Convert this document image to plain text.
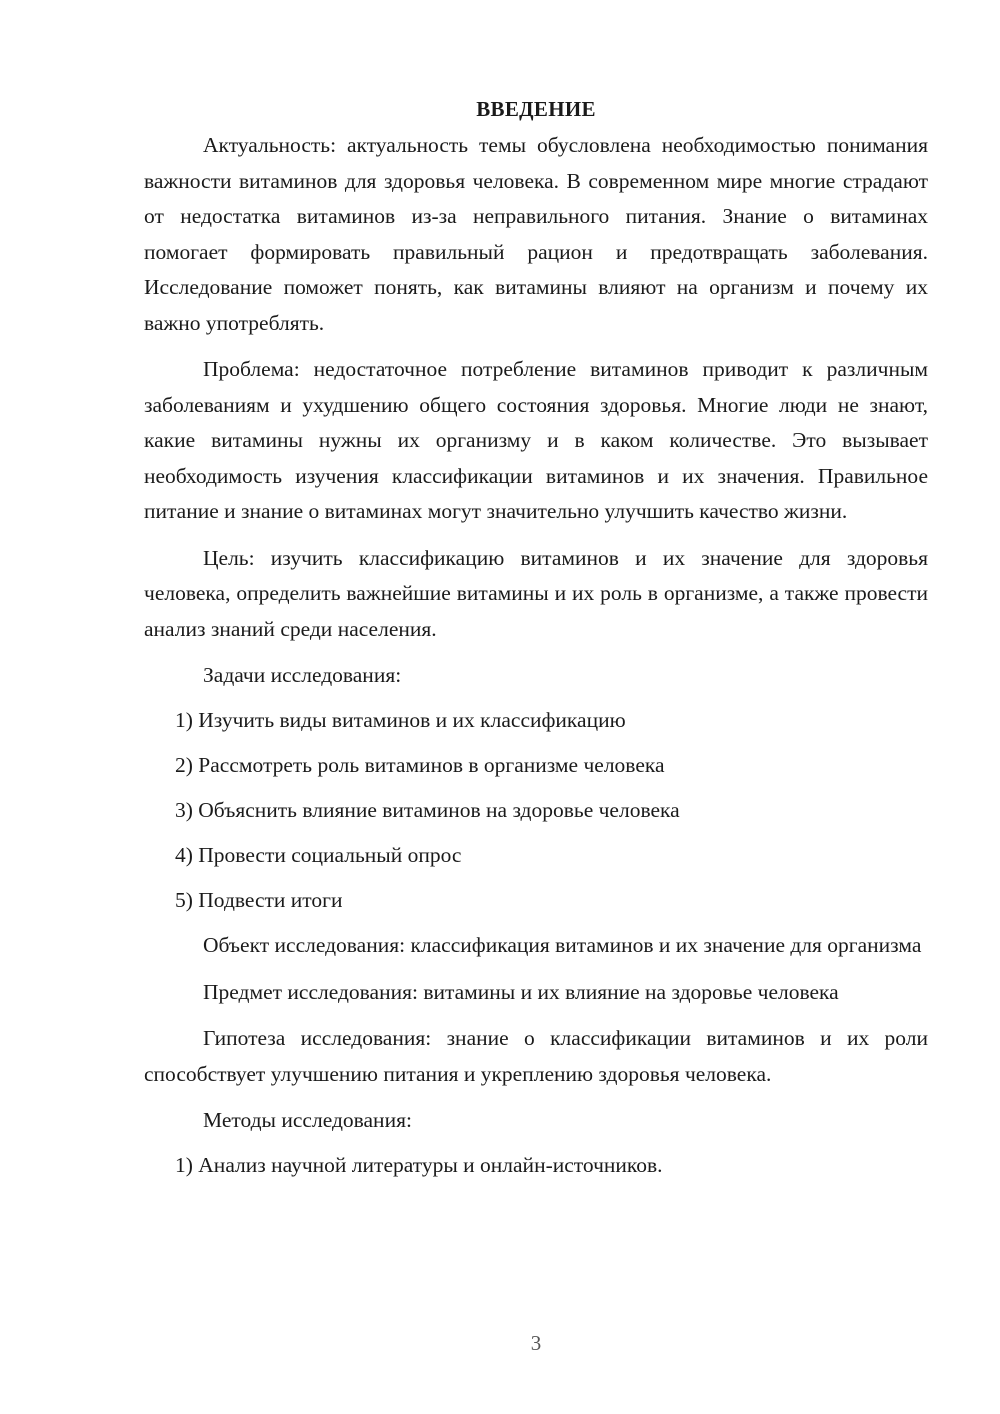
ВВЕДЕНИЕ

Актуальность: актуальность темы обусловлена необходимостью понимания важности витаминов для здоровья человека. В современном мире многие страдают от недостатка витаминов из-за неправильного питания. Знание о витаминах помогает формировать правильный рацион и предотвращать заболевания. Исследование поможет понять, как витамины влияют на организм и почему их важно употреблять.

Проблема: недостаточное потребление витаминов приводит к различным заболеваниям и ухудшению общего состояния здоровья. Многие люди не знают, какие витамины нужны их организму и в каком количестве. Это вызывает необходимость изучения классификации витаминов и их значения. Правильное питание и знание о витаминах могут значительно улучшить качество жизни.

Цель: изучить классификацию витаминов и их значение для здоровья человека, определить важнейшие витамины и их роль в организме, а также провести анализ знаний среди населения.

Задачи исследования:
1) Изучить виды витаминов и их классификацию
2) Рассмотреть роль витаминов в организме человека
3) Объяснить влияние витаминов на здоровье человека
4) Провести социальный опрос
5) Подвести итоги

Объект исследования: классификация витаминов и их значение для организма

Предмет исследования: витамины и их влияние на здоровье человека

Гипотеза исследования: знание о классификации витаминов и их роли способствует улучшению питания и укреплению здоровья человека.

Методы исследования:
1) Анализ научной литературы и онлайн-источников.
3
